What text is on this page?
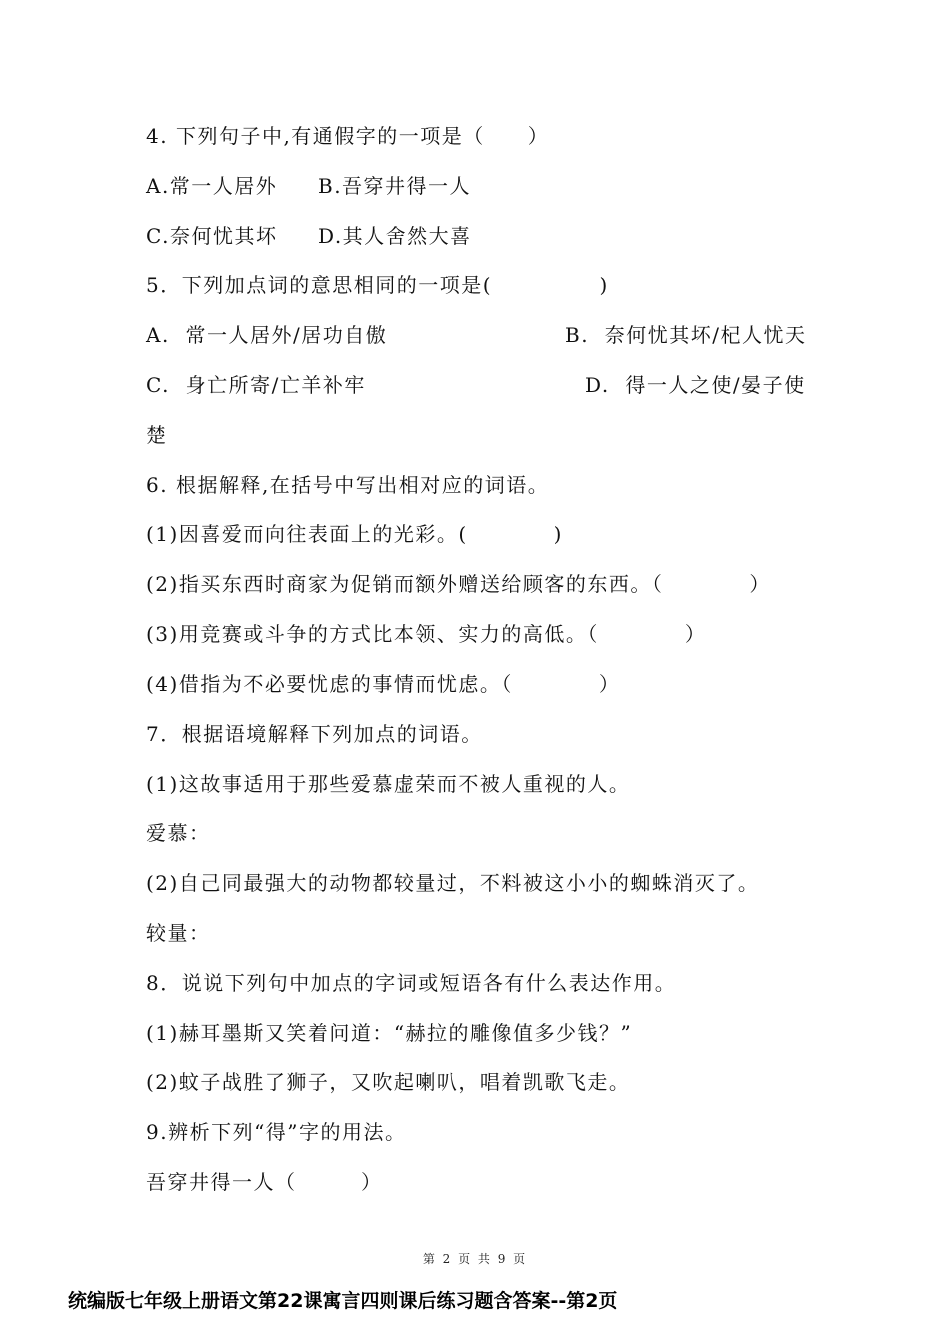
4. 下列句子中,有通假字的一项是（　　）
A.常一人居外 B.吾穿井得一人
C.奈何忧其坏 D.其人舍然大喜
5．下列加点词的意思相同的一项是(　　　　　)
A.  常一人居外/居功自傲	B.  奈何忧其坏/杞人忧天
C.  身亡所寄/亡羊补牢	D.  得一人之使/晏子使
楚
6. 根据解释,在括号中写出相对应的词语。
(1)因喜爱而向往表面上的光彩。(　　　　)
(2)指买东西时商家为促销而额外赠送给顾客的东西。（　　　　）
(3)用竞赛或斗争的方式比本领、实力的高低。（　　　　）
(4)借指为不必要忧虑的事情而忧虑。（　　　　）
7．根据语境解释下列加点的词语。
(1)这故事适用于那些爱慕虚荣而不被人重视的人。
爱慕：
(2)自己同最强大的动物都较量过，不料被这小小的蜘蛛消灭了。
较量：
8．说说下列句中加点的字词或短语各有什么表达作用。
(1)赫耳墨斯又笑着问道：“赫拉的雕像值多少钱？”
(2)蚊子战胜了狮子，又吹起喇叭，唱着凯歌飞走。
9.辨析下列“得”字的用法。
吾穿井得一人（　　　）
第 2 页 共 9 页
统编版七年级上册语文第22课寓言四则课后练习题含答案--第2页
